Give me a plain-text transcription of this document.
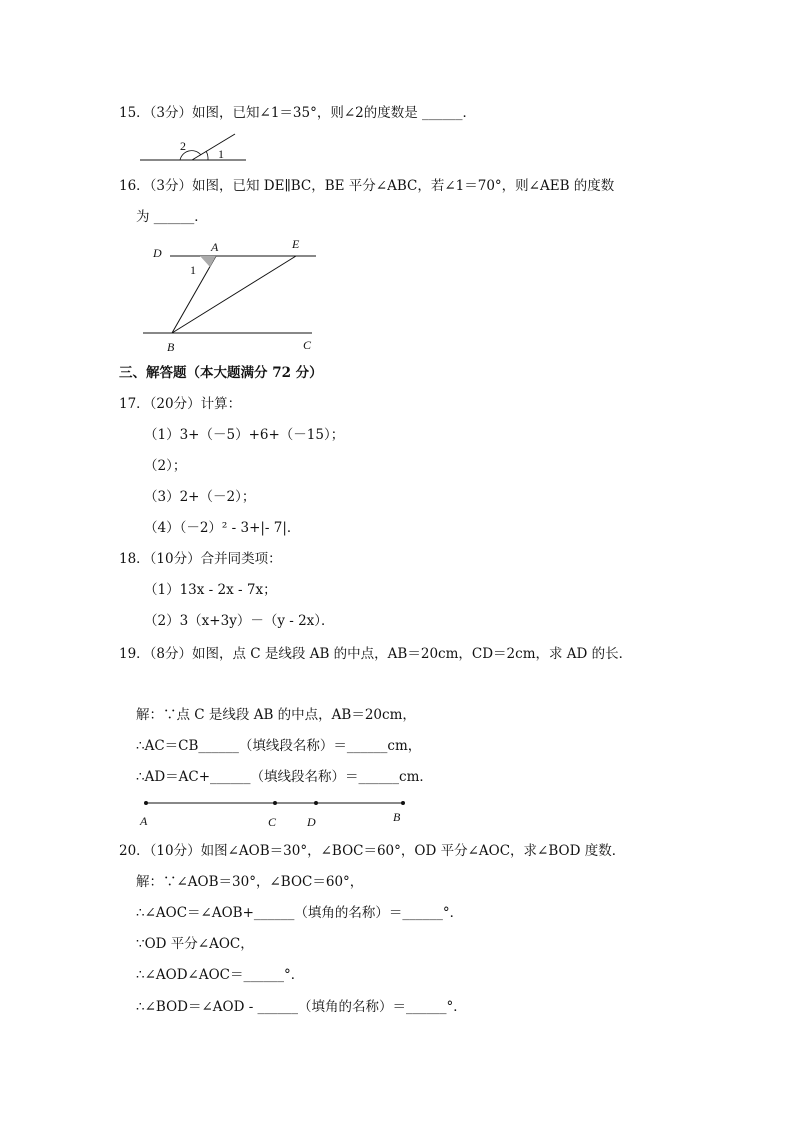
15．（3分）如图，已知∠1＝35°，则∠2的度数是 ______．
2
1
16．（3分）如图，已知 DE∥BC，BE 平分∠ABC，若∠1＝70°，则∠AEB 的度数
为 ______．
D	A	E
1
B	C
三、解答题（本大题满分 72 分）
17．（20分）计算：
（1）3+（－5）+6+（－15）；
（2）；
（3）2+（－2）；
（4）（－2）² - 3+|- 7|．
18．（10分）合并同类项：
（1）13x - 2x - 7x；
（2）3（x+3y）－（y - 2x）．
19．（8分）如图，点 C 是线段 AB 的中点，AB＝20cm，CD＝2cm，求 AD 的长．
解：∵点 C 是线段 AB 的中点，AB＝20cm，
∴AC＝CB______（填线段名称）＝______cm，
∴AD＝AC+______（填线段名称）＝______cm．
A	C	D	B
20．（10分）如图∠AOB＝30°，∠BOC＝60°，OD 平分∠AOC，求∠BOD 度数．
解：∵∠AOB＝30°，∠BOC＝60°，
∴∠AOC＝∠AOB+______（填角的名称）＝______°．
∵OD 平分∠AOC，
∴∠AOD∠AOC＝______°．
∴∠BOD＝∠AOD - ______（填角的名称）＝______°．
